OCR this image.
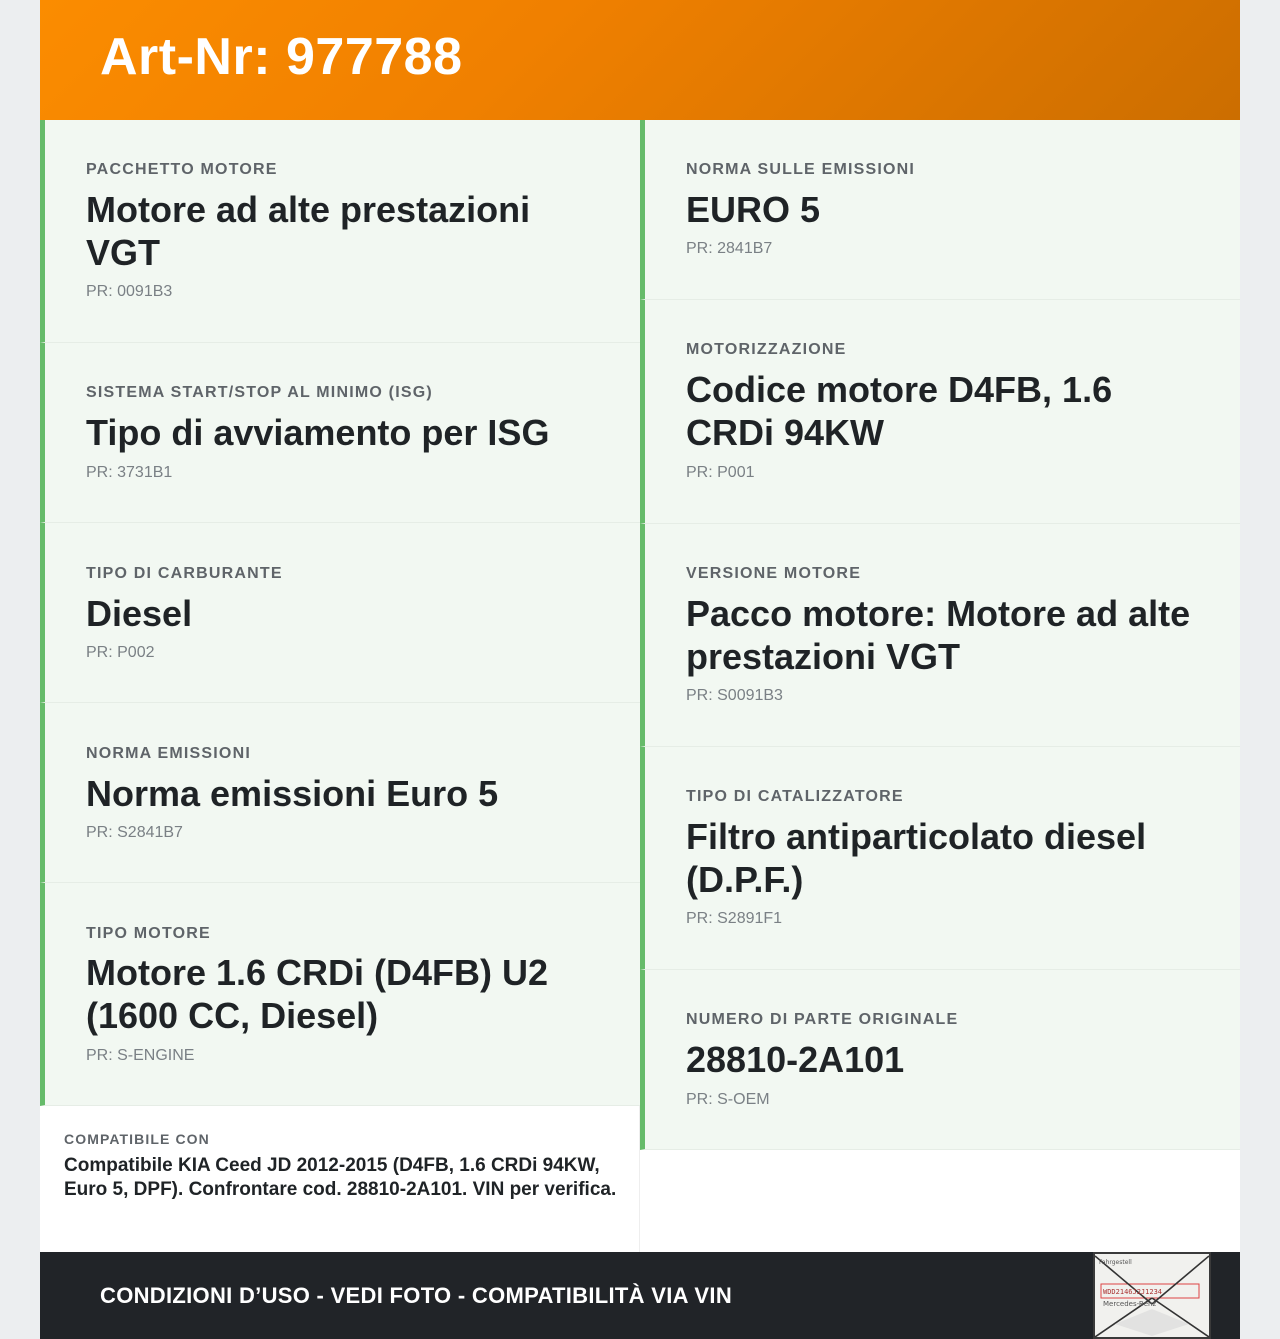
Art-Nr: 977788
PACCHETTO MOTORE
Motore ad alte prestazioni VGT
PR: 0091B3
SISTEMA START/STOP AL MINIMO (ISG)
Tipo di avviamento per ISG
PR: 3731B1
TIPO DI CARBURANTE
Diesel
PR: P002
NORMA EMISSIONI
Norma emissioni Euro 5
PR: S2841B7
TIPO MOTORE
Motore 1.6 CRDi (D4FB) U2 (1600 CC, Diesel)
PR: S-ENGINE
NORMA SULLE EMISSIONI
EURO 5
PR: 2841B7
MOTORIZZAZIONE
Codice motore D4FB, 1.6 CRDi 94KW
PR: P001
VERSIONE MOTORE
Pacco motore: Motore ad alte prestazioni VGT
PR: S0091B3
TIPO DI CATALIZZATORE
Filtro antiparticolato diesel (D.P.F.)
PR: S2891F1
NUMERO DI PARTE ORIGINALE
28810-2A101
PR: S-OEM
COMPATIBILE CON
Compatibile KIA Ceed JD 2012-2015 (D4FB, 1.6 CRDi 94KW, Euro 5, DPF). Confrontare cod. 28810-2A101. VIN per verifica.
CONDIZIONI D’USO - VEDI FOTO - COMPATIBILITÀ VIA VIN
Fahrgestell
WDD2146J2J1234
Mercedes-Benz
